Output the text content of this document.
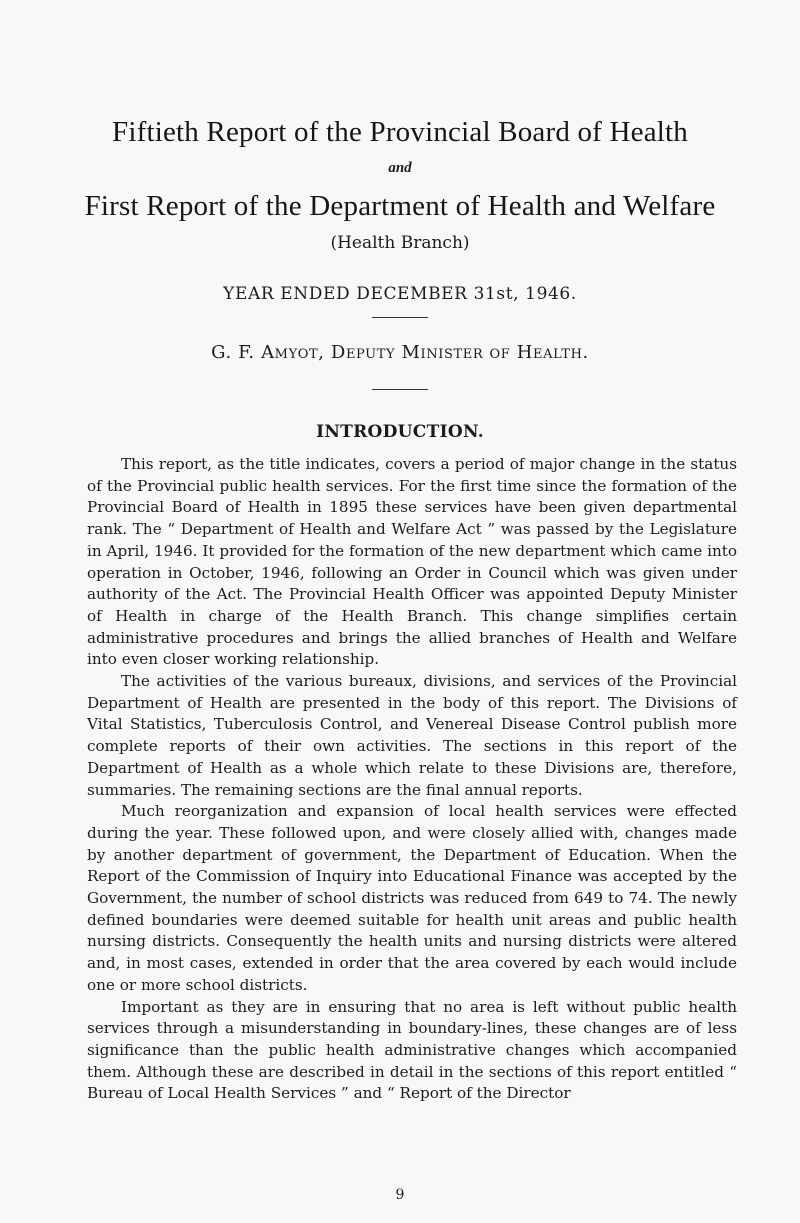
Fiftieth Report of the Provincial Board of Health
and
First Report of the Department of Health and Welfare
(Health Branch)
YEAR ENDED DECEMBER 31st, 1946.
G. F. Amyot, Deputy Minister of Health.
INTRODUCTION.

This report, as the title indicates, covers a period of major change in the status of the Provincial public health services. For the first time since the formation of the Provincial Board of Health in 1895 these services have been given departmental rank. The “ Department of Health and Welfare Act ” was passed by the Legislature in April, 1946. It provided for the formation of the new department which came into operation in October, 1946, following an Order in Council which was given under authority of the Act. The Provincial Health Officer was appointed Deputy Minister of Health in charge of the Health Branch. This change simplifies certain administrative procedures and brings the allied branches of Health and Welfare into even closer working relationship.

The activities of the various bureaux, divisions, and services of the Provincial Department of Health are presented in the body of this report. The Divisions of Vital Statistics, Tuberculosis Control, and Venereal Disease Control publish more complete reports of their own activities. The sections in this report of the Department of Health as a whole which relate to these Divisions are, therefore, summaries. The remaining sections are the final annual reports.

Much reorganization and expansion of local health services were effected during the year. These followed upon, and were closely allied with, changes made by another department of government, the Department of Education. When the Report of the Commission of Inquiry into Educational Finance was accepted by the Government, the number of school districts was reduced from 649 to 74. The newly defined boundaries were deemed suitable for health unit areas and public health nursing districts. Consequently the health units and nursing districts were altered and, in most cases, extended in order that the area covered by each would include one or more school districts.

Important as they are in ensuring that no area is left without public health services through a misunderstanding in boundary-lines, these changes are of less significance than the public health administrative changes which accompanied them. Although these are described in detail in the sections of this report entitled “ Bureau of Local Health Services ” and “ Report of the Director

9
